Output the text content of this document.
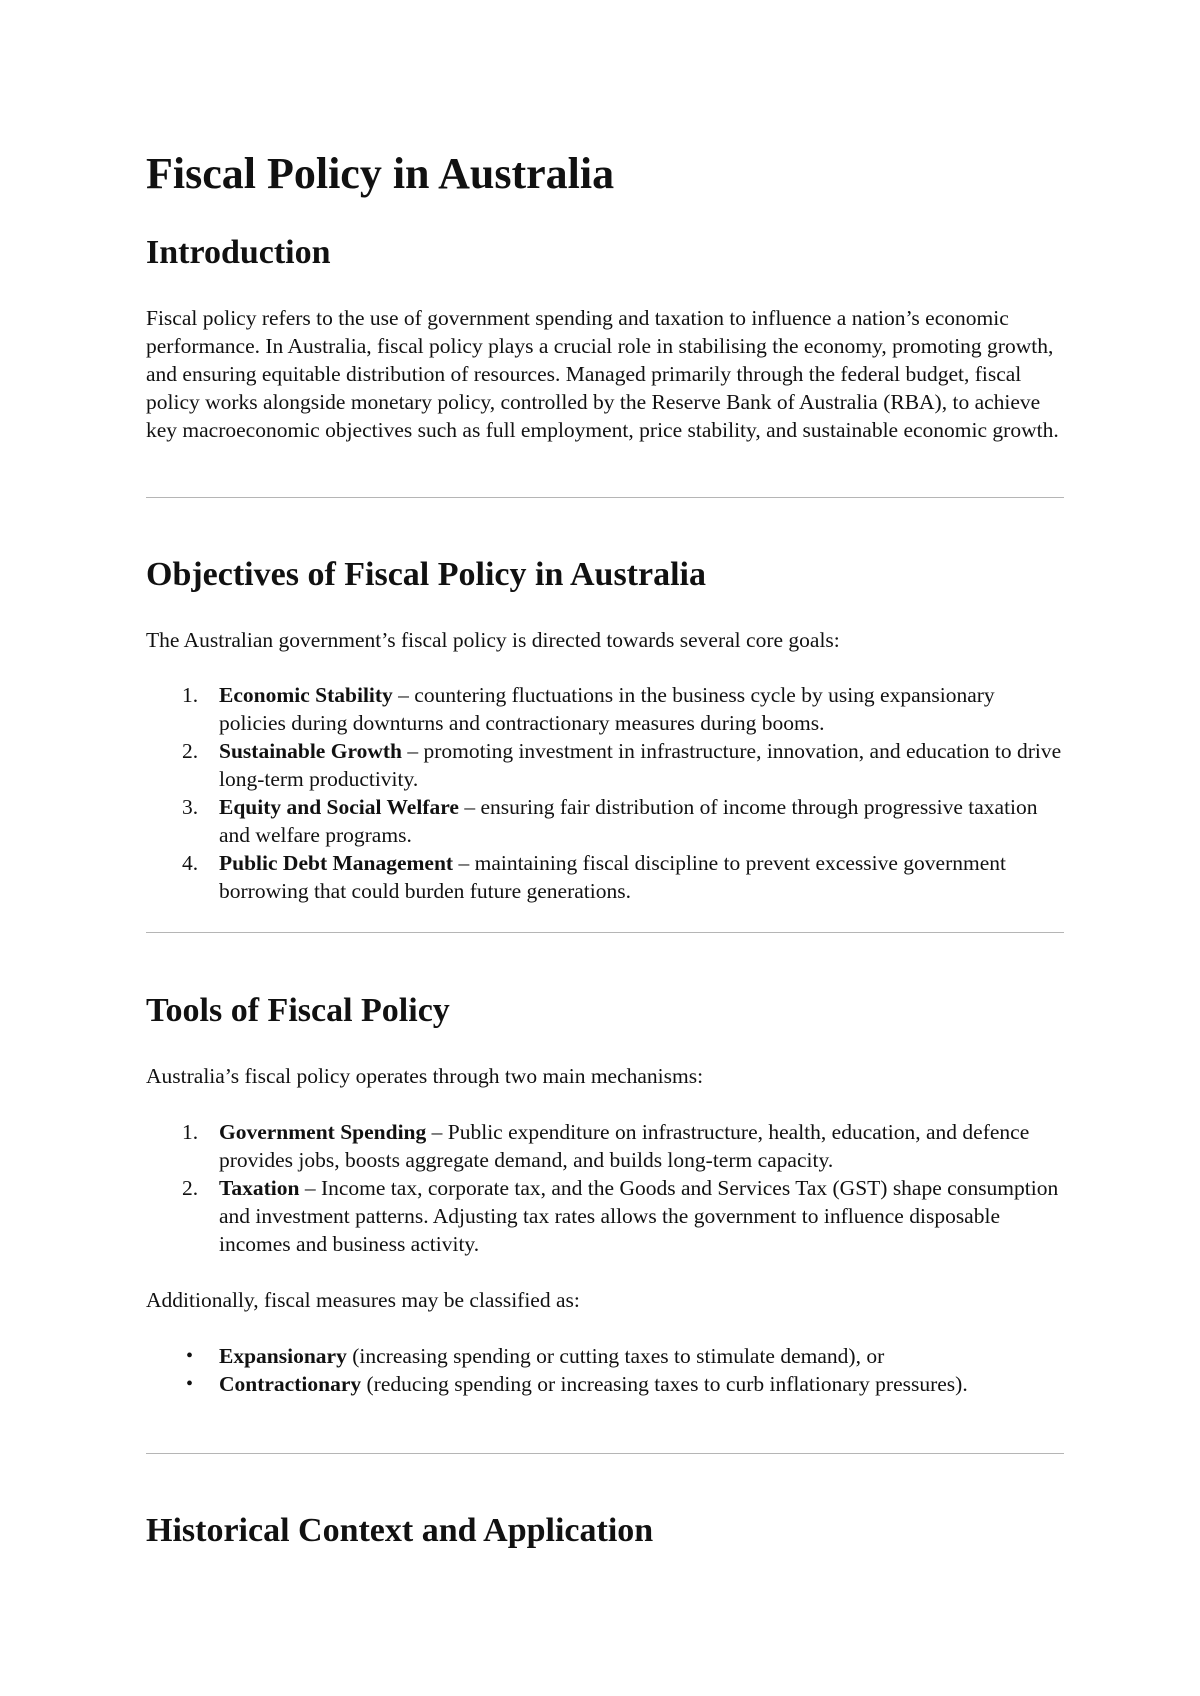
Fiscal Policy in Australia
Introduction

Fiscal policy refers to the use of government spending and taxation to influence a nation’s economic performance. In Australia, fiscal policy plays a crucial role in stabilising the economy, promoting growth, and ensuring equitable distribution of resources. Managed primarily through the federal budget, fiscal policy works alongside monetary policy, controlled by the Reserve Bank of Australia (RBA), to achieve key macroeconomic objectives such as full employment, price stability, and sustainable economic growth.

Objectives of Fiscal Policy in Australia

The Australian government’s fiscal policy is directed towards several core goals:

1. Economic Stability – countering fluctuations in the business cycle by using expansionary policies during downturns and contractionary measures during booms.
2. Sustainable Growth – promoting investment in infrastructure, innovation, and education to drive long-term productivity.
3. Equity and Social Welfare – ensuring fair distribution of income through progressive taxation and welfare programs.
4. Public Debt Management – maintaining fiscal discipline to prevent excessive government borrowing that could burden future generations.
Tools of Fiscal Policy

Australia’s fiscal policy operates through two main mechanisms:

1. Government Spending – Public expenditure on infrastructure, health, education, and defence provides jobs, boosts aggregate demand, and builds long-term capacity.
2. Taxation – Income tax, corporate tax, and the Goods and Services Tax (GST) shape consumption and investment patterns. Adjusting tax rates allows the government to influence disposable incomes and business activity.

Additionally, fiscal measures may be classified as:

• Expansionary (increasing spending or cutting taxes to stimulate demand), or
• Contractionary (reducing spending or increasing taxes to curb inflationary pressures).
Historical Context and Application
